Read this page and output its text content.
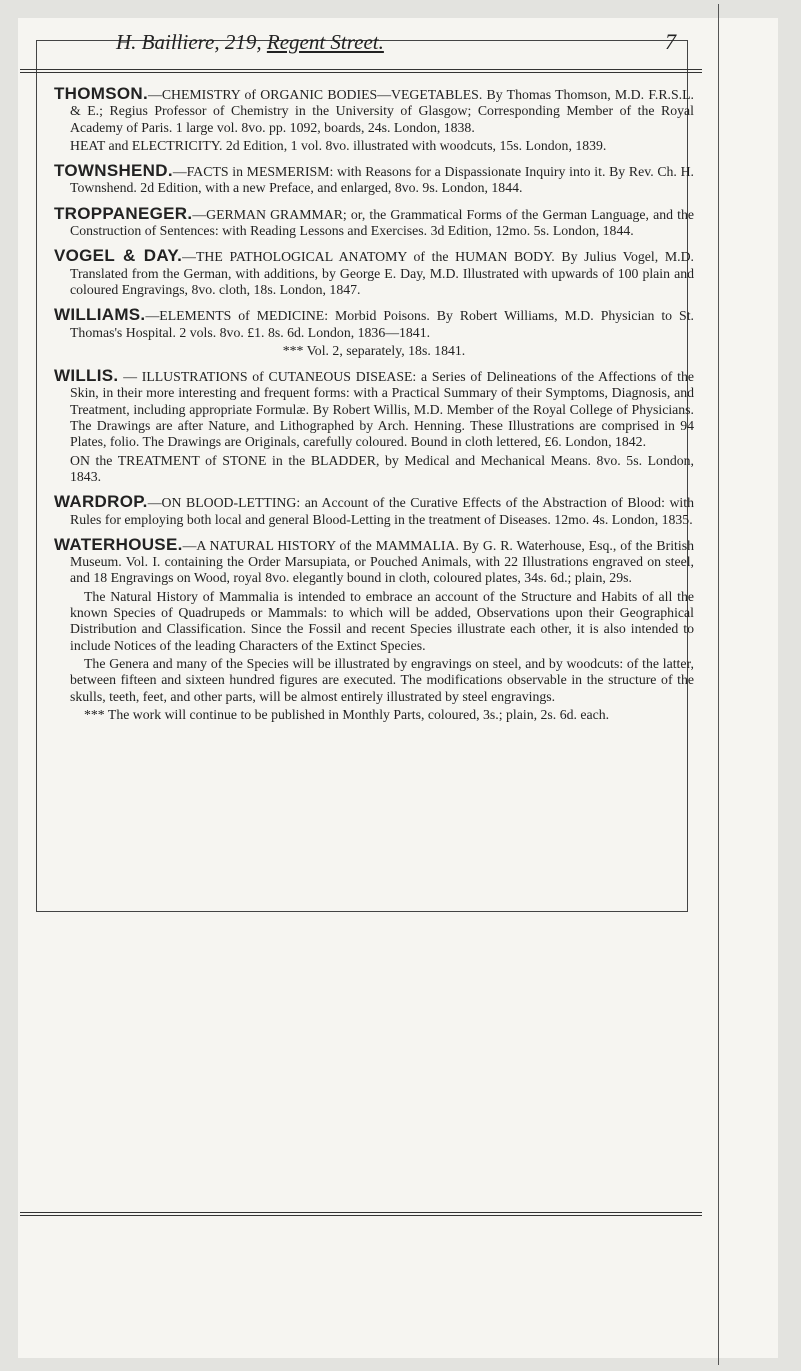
H. Bailliere, 219, Regent Street.	7

THOMSON.—CHEMISTRY of ORGANIC BODIES—VEGETABLES. By Thomas Thomson, M.D. F.R.S.L. & E.; Regius Professor of Chemistry in the University of Glasgow; Corresponding Member of the Royal Academy of Paris. 1 large vol. 8vo. pp. 1092, boards, 24s. London, 1838.

HEAT and ELECTRICITY. 2d Edition, 1 vol. 8vo. illustrated with woodcuts, 15s. London, 1839.

TOWNSHEND.—FACTS in MESMERISM: with Reasons for a Dispassionate Inquiry into it. By Rev. Ch. H. Townshend. 2d Edition, with a new Preface, and enlarged, 8vo. 9s. London, 1844.

TROPPANEGER.—GERMAN GRAMMAR; or, the Grammatical Forms of the German Language, and the Construction of Sentences: with Reading Lessons and Exercises. 3d Edition, 12mo. 5s. London, 1844.

VOGEL & DAY.—THE PATHOLOGICAL ANATOMY of the HUMAN BODY. By Julius Vogel, M.D. Translated from the German, with additions, by George E. Day, M.D. Illustrated with upwards of 100 plain and coloured Engravings, 8vo. cloth, 18s. London, 1847.

WILLIAMS.—ELEMENTS of MEDICINE: Morbid Poisons. By Robert Williams, M.D. Physician to St. Thomas's Hospital. 2 vols. 8vo. £1. 8s. 6d. London, 1836—1841.

*** Vol. 2, separately, 18s. 1841.

WILLIS. — ILLUSTRATIONS of CUTANEOUS DISEASE: a Series of Delineations of the Affections of the Skin, in their more interesting and frequent forms: with a Practical Summary of their Symptoms, Diagnosis, and Treatment, including appropriate Formulæ. By Robert Willis, M.D. Member of the Royal College of Physicians. The Drawings are after Nature, and Lithographed by Arch. Henning. These Illustrations are comprised in 94 Plates, folio. The Drawings are Originals, carefully coloured. Bound in cloth lettered, £6. London, 1842.

ON the TREATMENT of STONE in the BLADDER, by Medical and Mechanical Means. 8vo. 5s. London, 1843.

WARDROP.—ON BLOOD-LETTING: an Account of the Curative Effects of the Abstraction of Blood: with Rules for employing both local and general Blood-Letting in the treatment of Diseases. 12mo. 4s. London, 1835.

WATERHOUSE.—A NATURAL HISTORY of the MAMMALIA. By G. R. Waterhouse, Esq., of the British Museum. Vol. I. containing the Order Marsupiata, or Pouched Animals, with 22 Illustrations engraved on steel, and 18 Engravings on Wood, royal 8vo. elegantly bound in cloth, coloured plates, 34s. 6d.; plain, 29s.

The Natural History of Mammalia is intended to embrace an account of the Structure and Habits of all the known Species of Quadrupeds or Mammals: to which will be added, Observations upon their Geographical Distribution and Classification. Since the Fossil and recent Species illustrate each other, it is also intended to include Notices of the leading Characters of the Extinct Species.

The Genera and many of the Species will be illustrated by engravings on steel, and by woodcuts: of the latter, between fifteen and sixteen hundred figures are executed. The modifications observable in the structure of the skulls, teeth, feet, and other parts, will be almost entirely illustrated by steel engravings.

*** The work will continue to be published in Monthly Parts, coloured, 3s.; plain, 2s. 6d. each.
